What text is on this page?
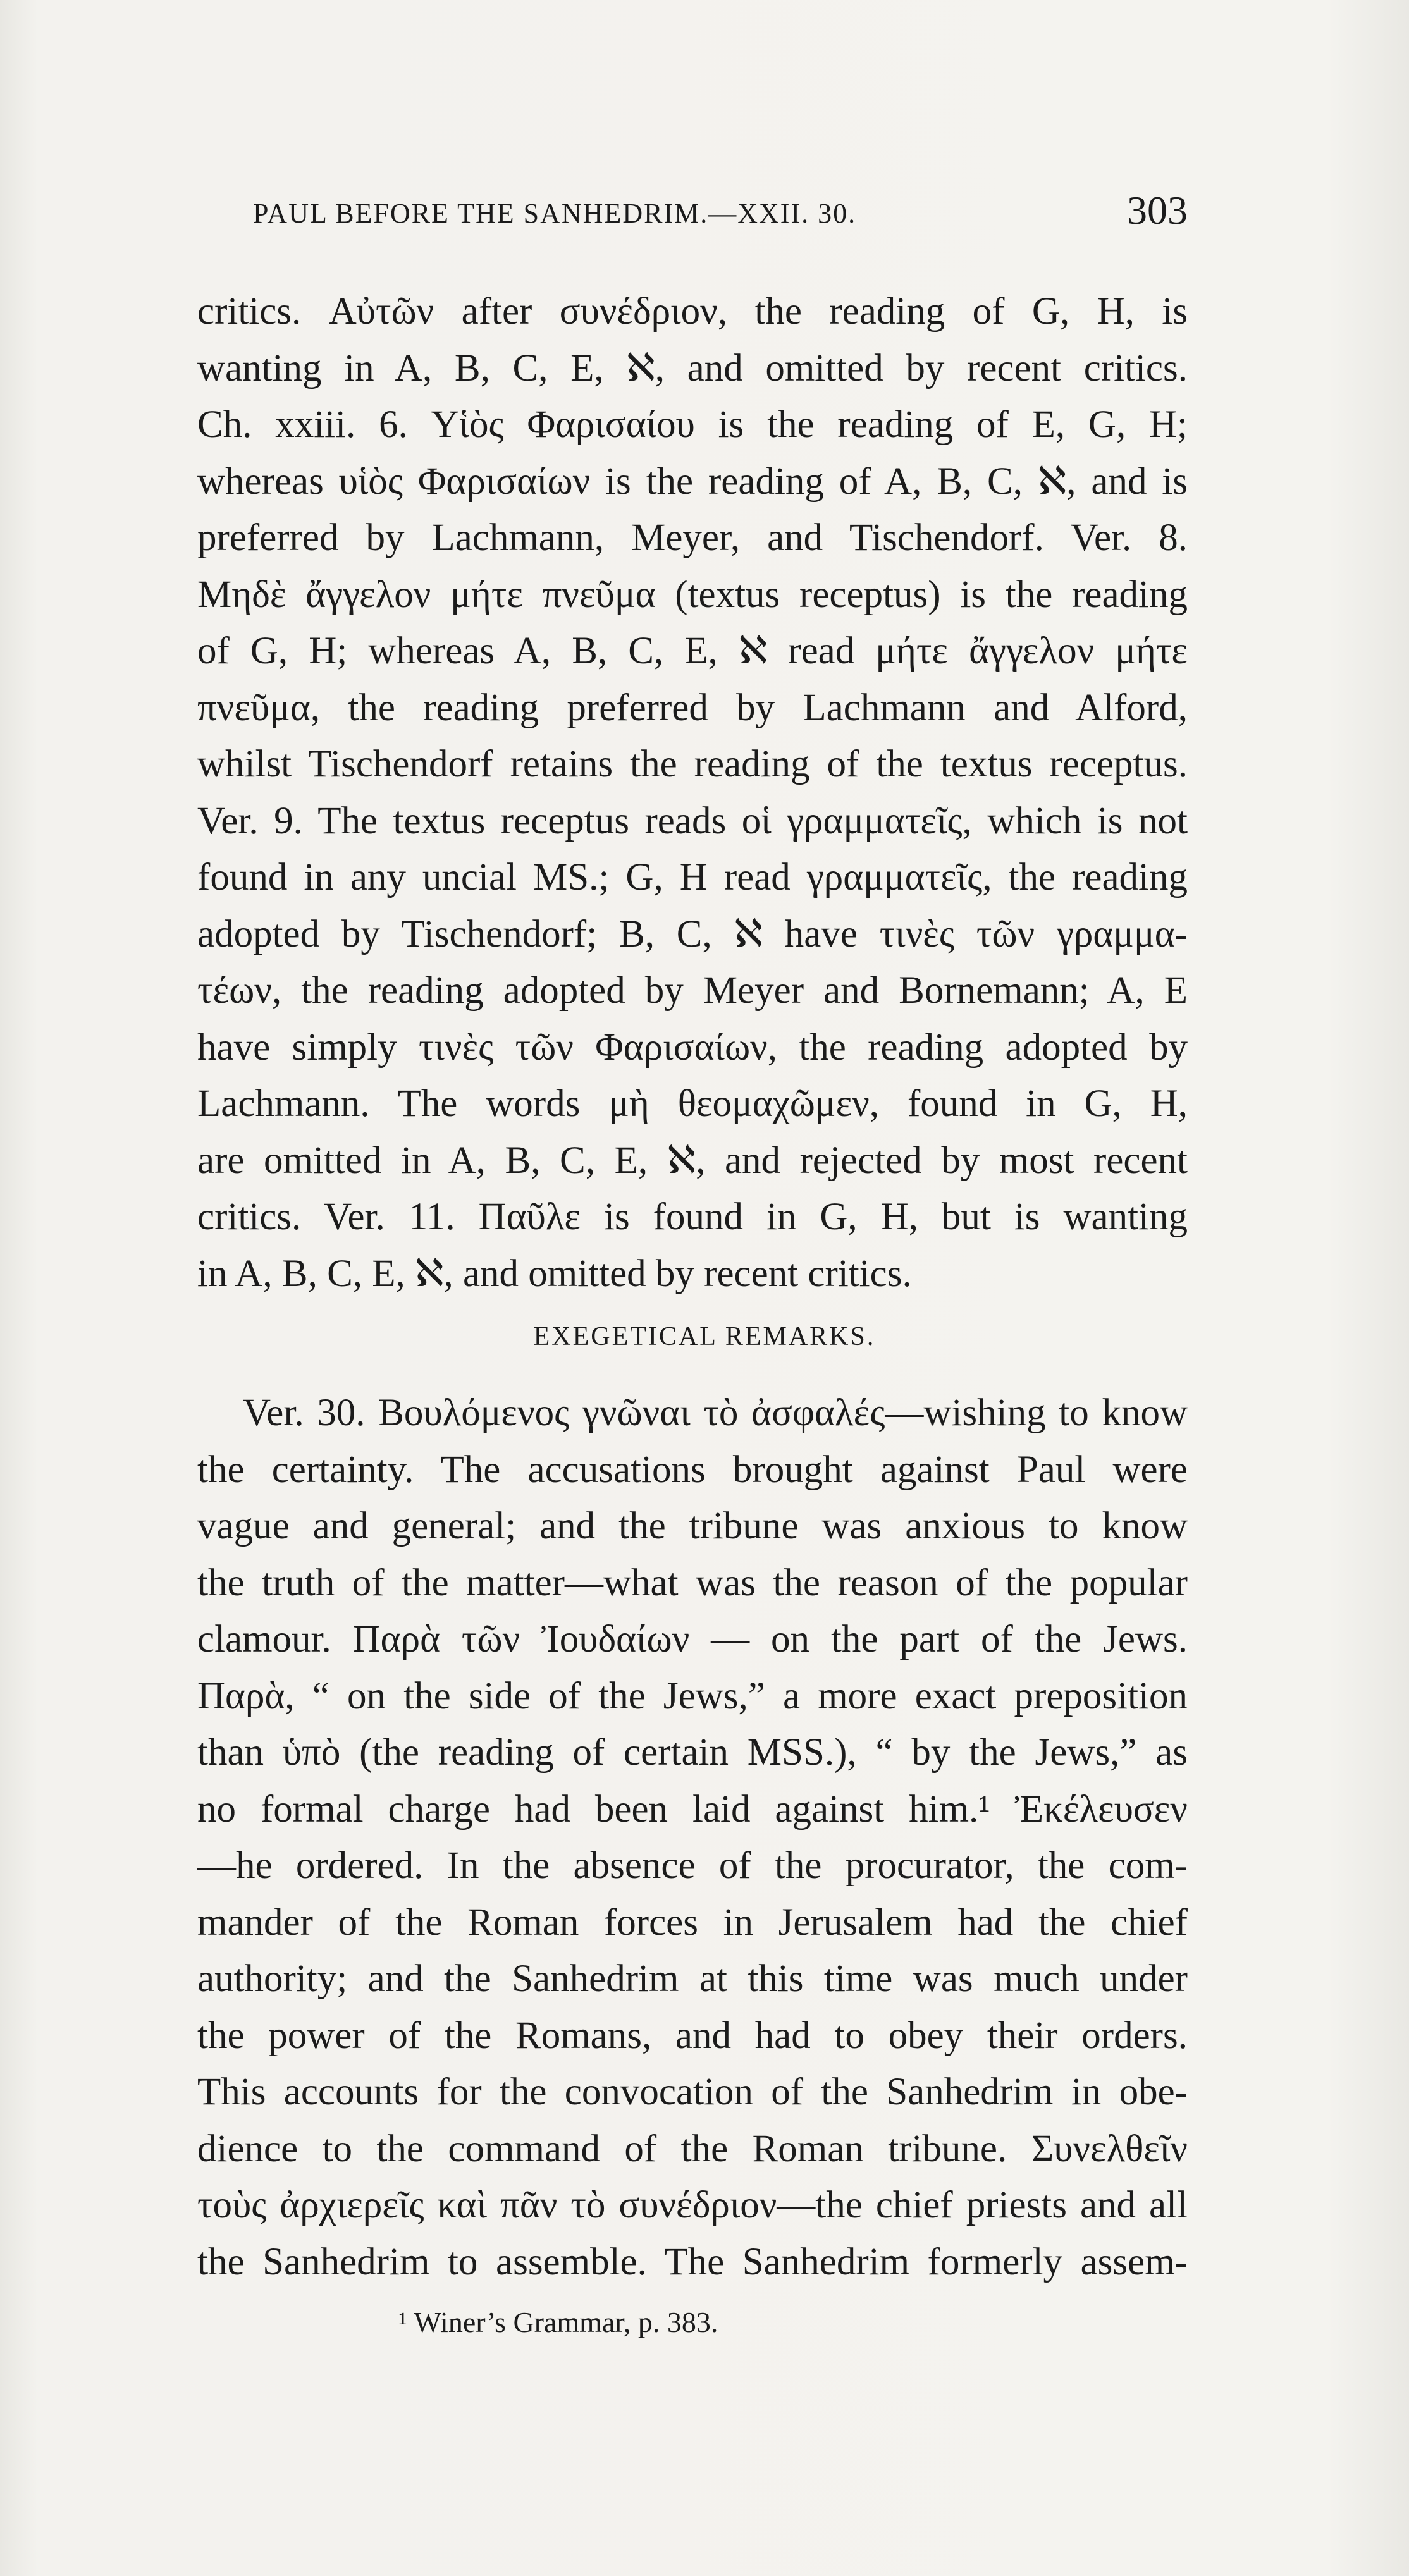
PAUL BEFORE THE SANHEDRIM.—XXII. 30.	303
critics. Αὐτῶν after συνέδριον, the reading of G, H, is
wanting in A, B, C, E, ℵ, and omitted by recent critics.
Ch. xxiii. 6. Υἱὸς Φαρισαίου is the reading of E, G, H;
whereas υἱὸς Φαρισαίων is the reading of A, B, C, ℵ, and is
preferred by Lachmann, Meyer, and Tischendorf. Ver. 8.
Μηδὲ ἄγγελον μήτε πνεῦμα (textus receptus) is the reading
of G, H; whereas A, B, C, E, ℵ read μήτε ἄγγελον μήτε
πνεῦμα, the reading preferred by Lachmann and Alford,
whilst Tischendorf retains the reading of the textus receptus.
Ver. 9. The textus receptus reads οἱ γραμματεῖς, which is not
found in any uncial MS.; G, H read γραμματεῖς, the reading
adopted by Tischendorf; B, C, ℵ have τινὲς τῶν γραμμα-
τέων, the reading adopted by Meyer and Bornemann; A, E
have simply τινὲς τῶν Φαρισαίων, the reading adopted by
Lachmann. The words μὴ θεομαχῶμεν, found in G, H,
are omitted in A, B, C, E, ℵ, and rejected by most recent
critics. Ver. 11. Παῦλε is found in G, H, but is wanting
in A, B, C, E, ℵ, and omitted by recent critics.
EXEGETICAL REMARKS.
Ver. 30. Βουλόμενος γνῶναι τὸ ἀσφαλές—wishing to know
the certainty. The accusations brought against Paul were
vague and general; and the tribune was anxious to know
the truth of the matter—what was the reason of the popular
clamour. Παρὰ τῶν Ἰουδαίων — on the part of the Jews.
Παρὰ, “ on the side of the Jews,” a more exact preposition
than ὑπὸ (the reading of certain MSS.), “ by the Jews,” as
no formal charge had been laid against him.¹ Ἐκέλευσεν
—he ordered. In the absence of the procurator, the com-
mander of the Roman forces in Jerusalem had the chief
authority; and the Sanhedrim at this time was much under
the power of the Romans, and had to obey their orders.
This accounts for the convocation of the Sanhedrim in obe-
dience to the command of the Roman tribune. Συνελθεῖν
τοὺς ἀρχιερεῖς καὶ πᾶν τὸ συνέδριον—the chief priests and all
the Sanhedrim to assemble. The Sanhedrim formerly assem-
¹ Winer’s Grammar, p. 383.
